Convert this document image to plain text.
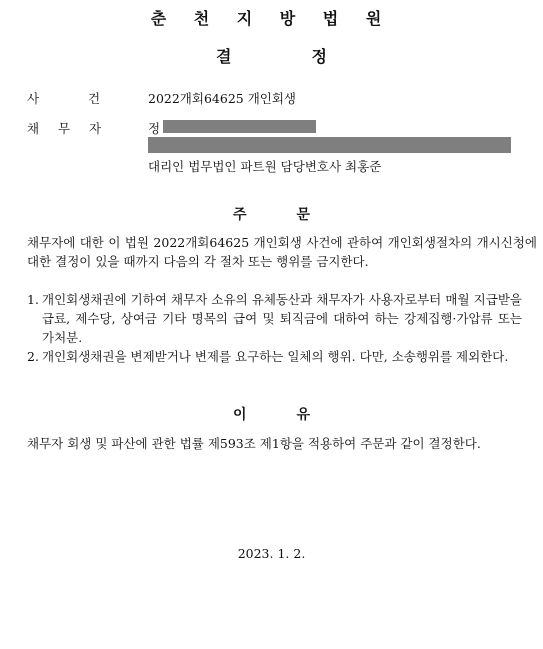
춘 천 지 방 법 원
결	정
사	건	2022개회64625 개인회생
채 무 자	정
대리인 법무법인 파트원 담당변호사 최홍준
주	문
채무자에 대한 이 법원 2022개회64625 개인회생 사건에 관하여 개인회생절차의 개시신청에 대한 결정이 있을 때까지 다음의 각 절차 또는 행위를 금지한다.
1. 개인회생채권에 기하여 채무자 소유의 유체동산과 채무자가 사용자로부터 매월 지급받을 급료, 제수당, 상여금 기타 명목의 급여 및 퇴직금에 대하여 하는 강제집행·가압류 또는 가처분.
2. 개인회생채권을 변제받거나 변제를 요구하는 일체의 행위. 다만, 소송행위를 제외한다.
이	유
채무자 회생 및 파산에 관한 법률 제593조 제1항을 적용하여 주문과 같이 결정한다.
2023. 1. 2.
